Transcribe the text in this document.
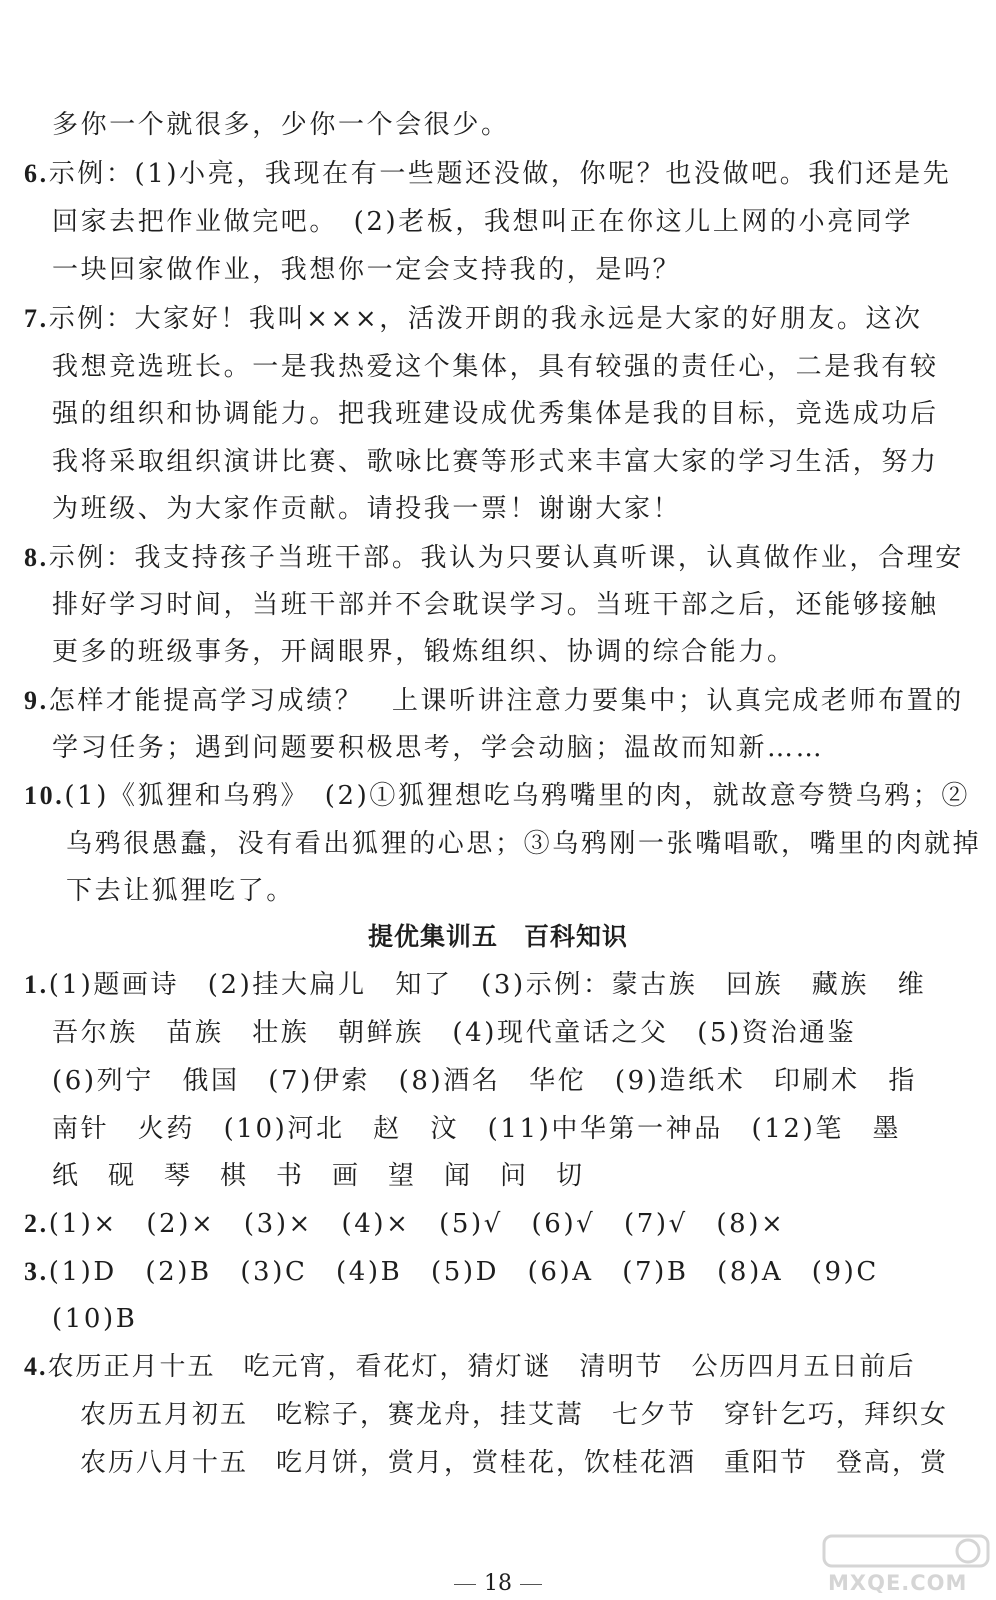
多你一个就很多，少你一个会很少。
6.示例：(1)小亮，我现在有一些题还没做，你呢？也没做吧。我们还是先
回家去把作业做完吧。　(2)老板，我想叫正在你这儿上网的小亮同学
一块回家做作业，我想你一定会支持我的，是吗？
7.示例：大家好！我叫×××，活泼开朗的我永远是大家的好朋友。这次
我想竞选班长。一是我热爱这个集体，具有较强的责任心，二是我有较
强的组织和协调能力。把我班建设成优秀集体是我的目标，竞选成功后
我将采取组织演讲比赛、歌咏比赛等形式来丰富大家的学习生活，努力
为班级、为大家作贡献。请投我一票！谢谢大家！
8.示例：我支持孩子当班干部。我认为只要认真听课，认真做作业，合理安
排好学习时间，当班干部并不会耽误学习。当班干部之后，还能够接触
更多的班级事务，开阔眼界，锻炼组织、协调的综合能力。
9.怎样才能提高学习成绩？　上课听讲注意力要集中；认真完成老师布置的
学习任务；遇到问题要积极思考，学会动脑；温故而知新……
10.(1)《狐狸和乌鸦》　(2)①狐狸想吃乌鸦嘴里的肉，就故意夸赞乌鸦；②
乌鸦很愚蠢，没有看出狐狸的心思；③乌鸦刚一张嘴唱歌，嘴里的肉就掉
下去让狐狸吃了。
提优集训五　百科知识
1.(1)题画诗　(2)挂大扁儿　知了　(3)示例：蒙古族　回族　藏族　维
吾尔族　苗族　壮族　朝鲜族　(4)现代童话之父　(5)资治通鉴
(6)列宁　俄国　(7)伊索　(8)酒名　华佗　(9)造纸术　印刷术　指
南针　火药　(10)河北　赵　汶　(11)中华第一神品　(12)笔　墨
纸　砚　琴　棋　书　画　望　闻　问　切
2.(1)×　(2)×　(3)×　(4)×　(5)√　(6)√　(7)√　(8)×
3.(1)D　(2)B　(3)C　(4)B　(5)D　(6)A　(7)B　(8)A　(9)C
(10)B
4.农历正月十五　吃元宵，看花灯，猜灯谜　清明节　公历四月五日前后
农历五月初五　吃粽子，赛龙舟，挂艾蒿　七夕节　穿针乞巧，拜织女
农历八月十五　吃月饼，赏月，赏桂花，饮桂花酒　重阳节　登高，赏
18	MXQE.COM
